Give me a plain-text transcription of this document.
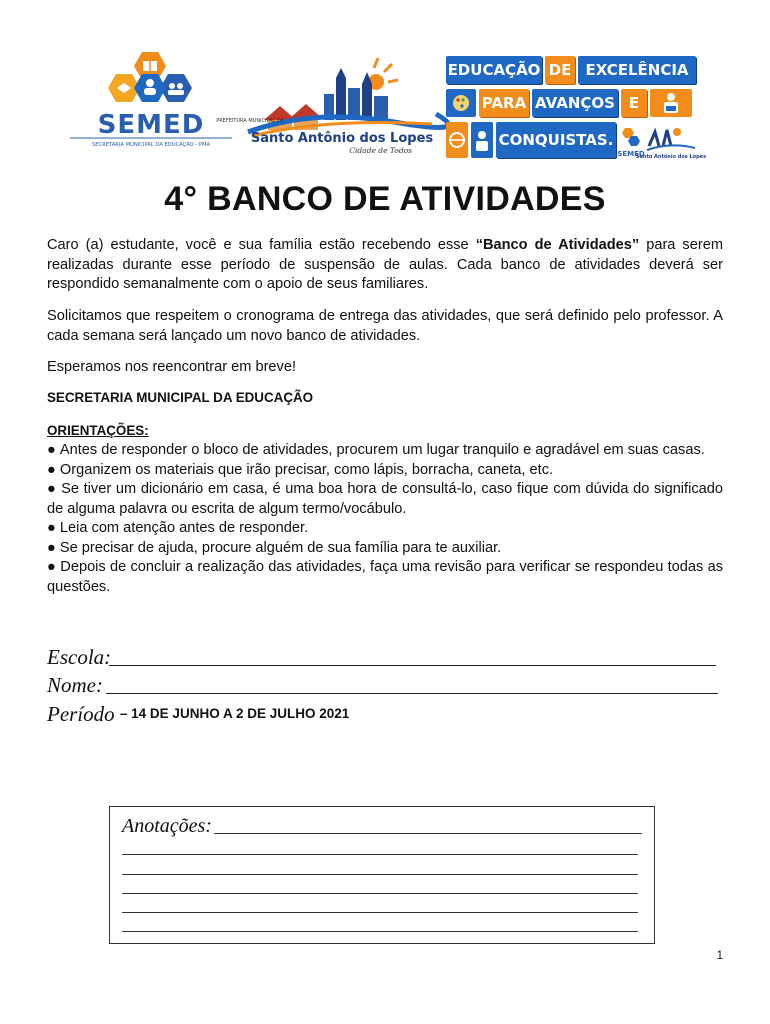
SEMED
SECRETARIA MUNICIPAL DA EDUCAÇÃO - PMA
PREFEITURA MUNICIPAL DE
Santo Antônio dos Lopes
Cidade de Todos
EDUCAÇÃO DE EXCELÊNCIA
PARA AVANÇOS E
CONQUISTAS.
SEMED
Santo Antônio dos Lopes
4° BANCO DE ATIVIDADES

Caro (a) estudante, você e sua família estão recebendo esse “Banco de Atividades” para serem realizadas durante esse período de suspensão de aulas. Cada banco de atividades deverá ser respondido semanalmente com o apoio de seus familiares.

Solicitamos que respeitem o cronograma de entrega das atividades, que será definido pelo professor. A cada semana será lançado um novo banco de atividades.

Esperamos nos reencontrar em breve!

SECRETARIA MUNICIPAL DA EDUCAÇÃO

ORIENTAÇÕES:

● Antes de responder o bloco de atividades, procurem um lugar tranquilo e agradável em suas casas.
● Organizem os materiais que irão precisar, como lápis, borracha, caneta, etc.
● Se tiver um dicionário em casa, é uma boa hora de consultá-lo, caso fique com dúvida do significado de alguma palavra ou escrita de algum termo/vocábulo.
● Leia com atenção antes de responder.
● Se precisar de ajuda, procure alguém de sua família para te auxiliar.
● Depois de concluir a realização das atividades, faça uma revisão para verificar se respondeu todas as questões.
Escola:
Nome:
Período – 14 DE JUNHO A 2 DE JULHO 2021
Anotações:
1
